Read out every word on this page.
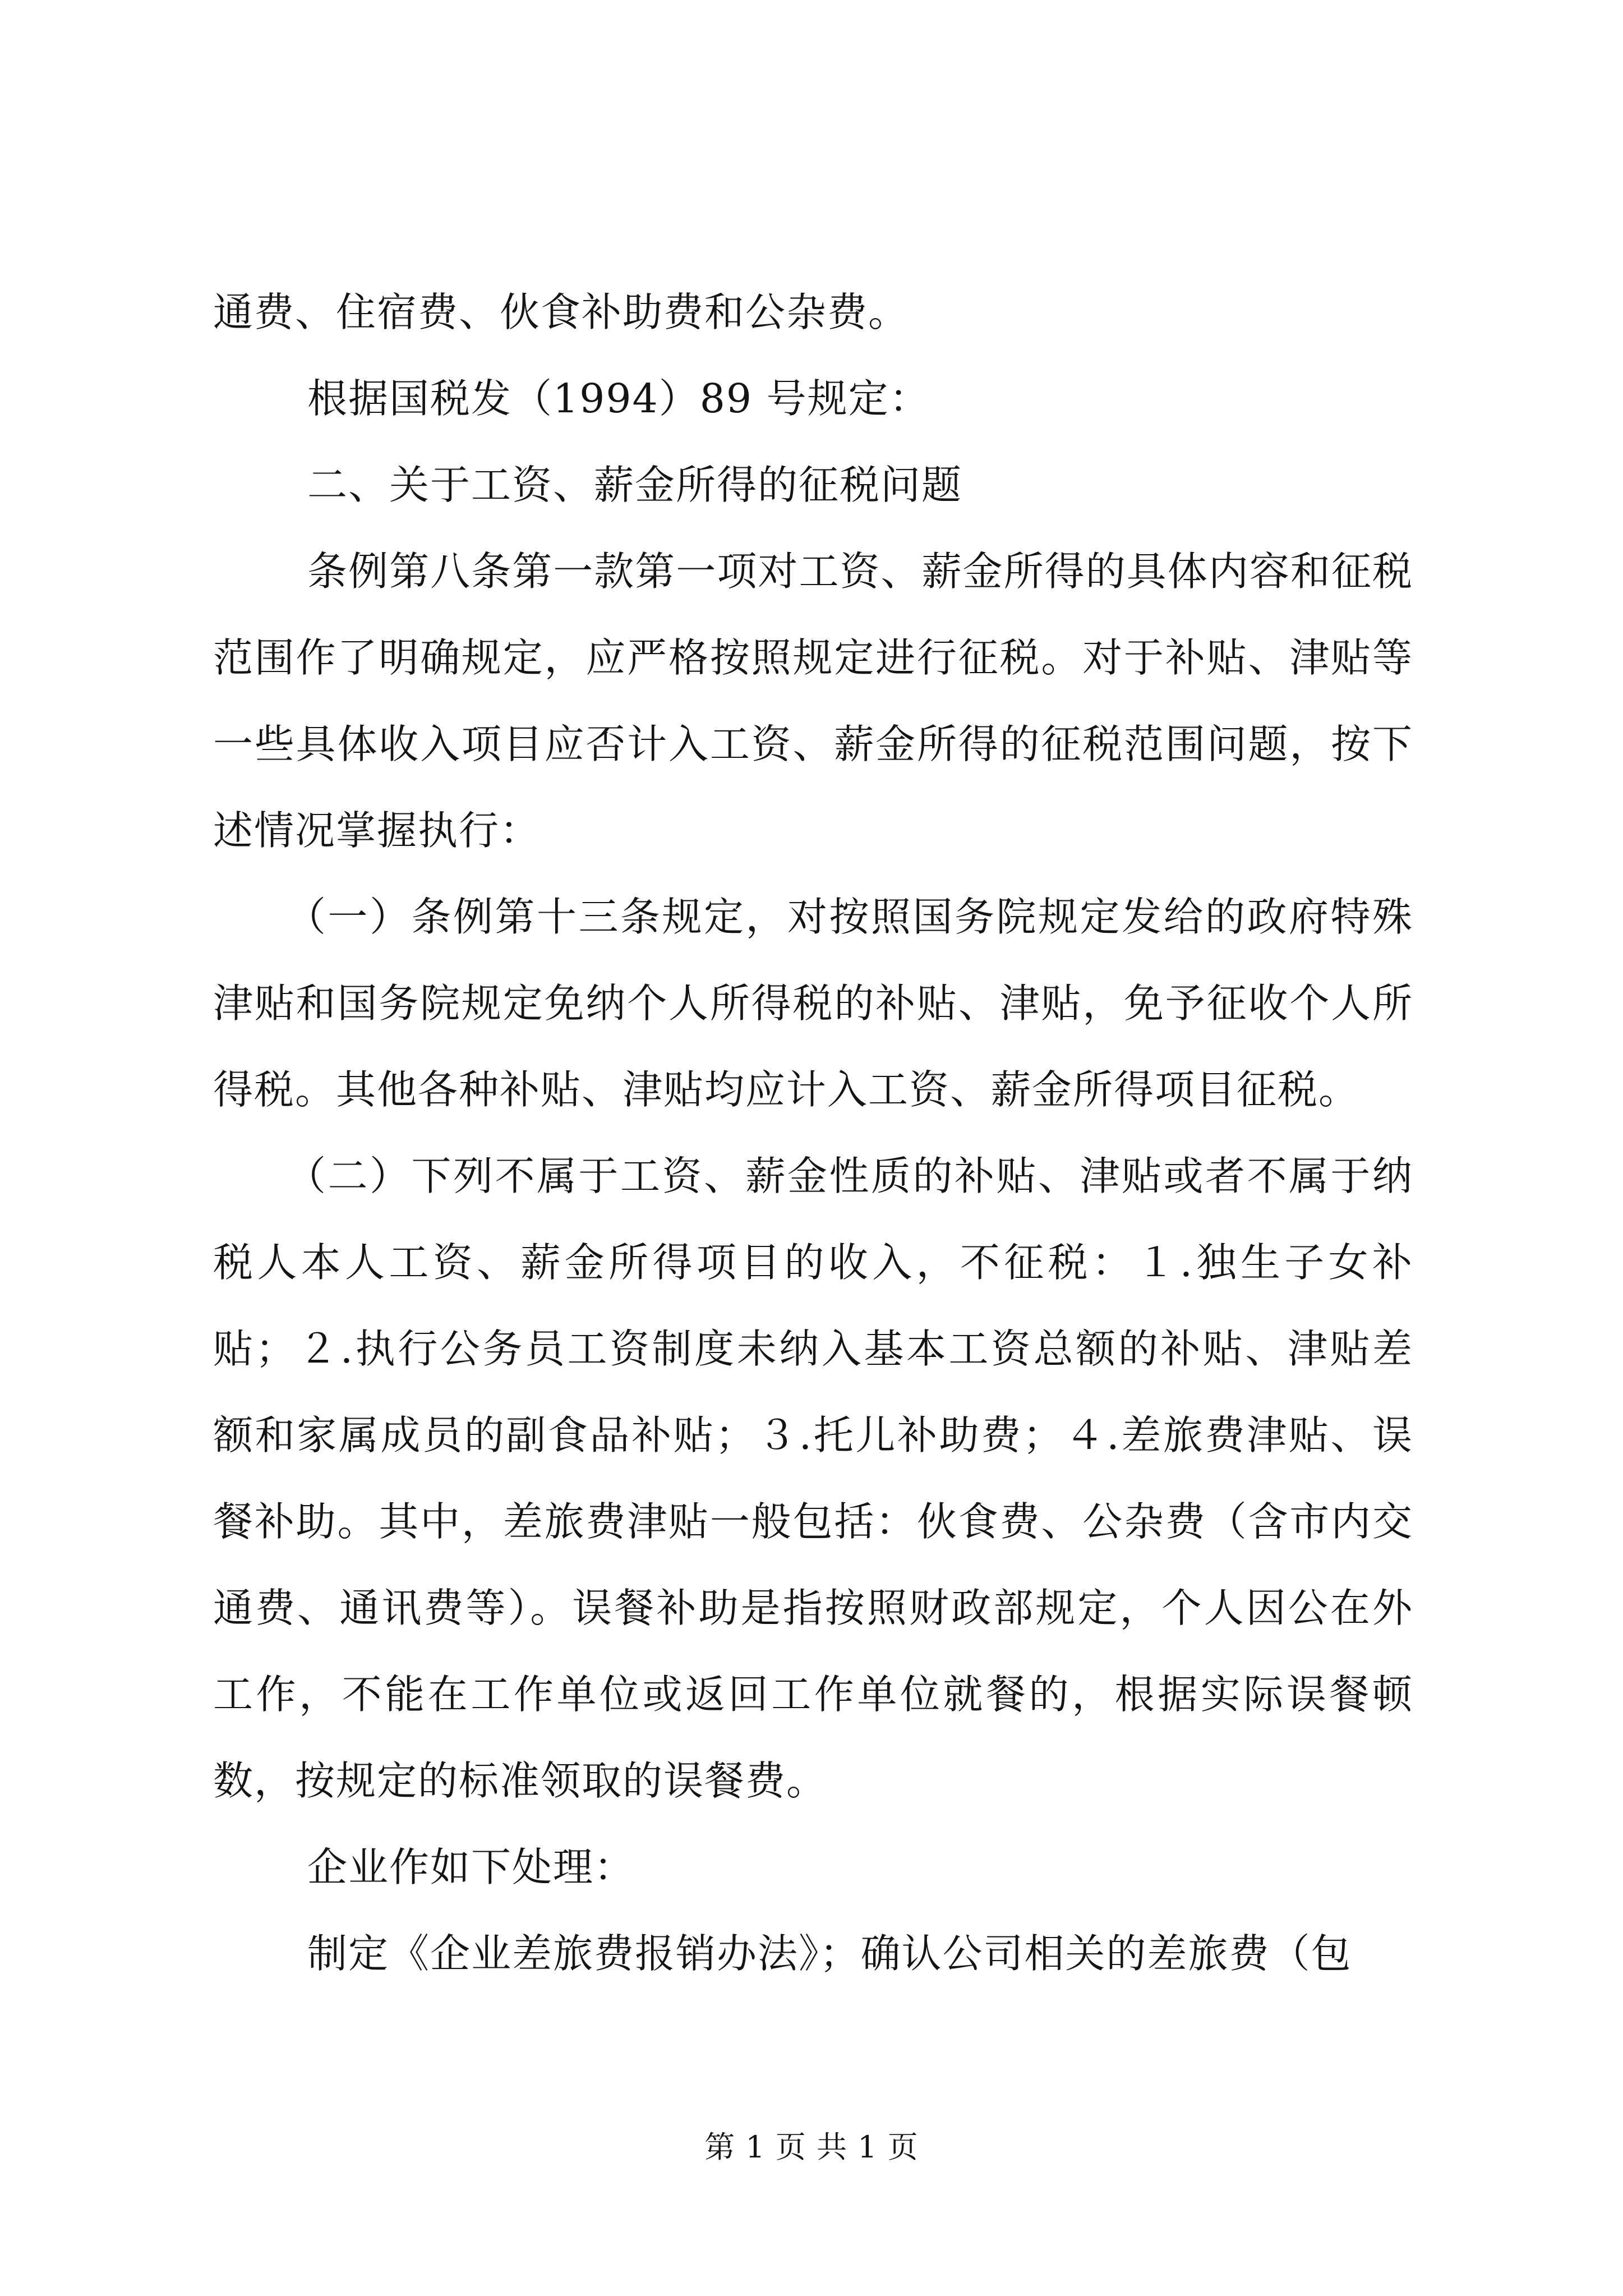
通费、住宿费、伙食补助费和公杂费。

根据国税发（1994）89 号规定：

二、关于工资、薪金所得的征税问题

条例第八条第一款第一项对工资、薪金所得的具体内容和征税范围作了明确规定，应严格按照规定进行征税。对于补贴、津贴等一些具体收入项目应否计入工资、薪金所得的征税范围问题，按下述情况掌握执行：

（一）条例第十三条规定，对按照国务院规定发给的政府特殊津贴和国务院规定免纳个人所得税的补贴、津贴，免予征收个人所得税。其他各种补贴、津贴均应计入工资、薪金所得项目征税。

（二）下列不属于工资、薪金性质的补贴、津贴或者不属于纳税人本人工资、薪金所得项目的收入，不征税：１.独生子女补贴；２.执行公务员工资制度未纳入基本工资总额的补贴、津贴差额和家属成员的副食品补贴；３.托儿补助费；４.差旅费津贴、误餐补助。其中，差旅费津贴一般包括：伙食费、公杂费（含市内交通费、通讯费等）。误餐补助是指按照财政部规定，个人因公在外工作，不能在工作单位或返回工作单位就餐的，根据实际误餐顿数，按规定的标准领取的误餐费。

企业作如下处理：

制定《企业差旅费报销办法》；确认公司相关的差旅费（包

第 1 页 共 1 页
